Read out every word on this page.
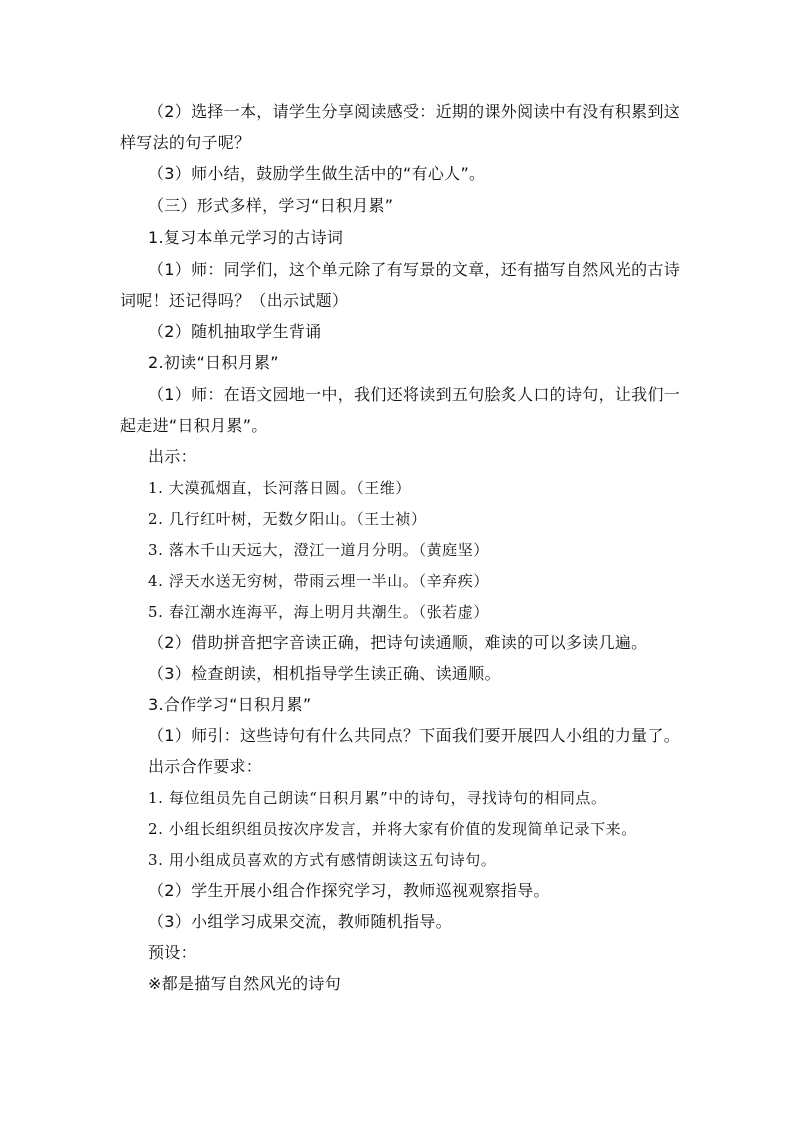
（2）选择一本，请学生分享阅读感受：近期的课外阅读中有没有积累到这
样写法的句子呢？
（3）师小结，鼓励学生做生活中的“有心人”。
（三）形式多样，学习“日积月累”
1.复习本单元学习的古诗词
（1）师：同学们，这个单元除了有写景的文章，还有描写自然风光的古诗
词呢！还记得吗？（出示试题）
（2）随机抽取学生背诵
2.初读“日积月累”
（1）师：在语文园地一中，我们还将读到五句脍炙人口的诗句，让我们一
起走进“日积月累”。
出示：
1. 大漠孤烟直，长河落日圆。（王维）
2. 几行红叶树，无数夕阳山。（王士祯）
3. 落木千山天远大，澄江一道月分明。（黄庭坚）
4. 浮天水送无穷树，带雨云埋一半山。（辛弃疾）
5. 春江潮水连海平，海上明月共潮生。（张若虚）
（2）借助拼音把字音读正确，把诗句读通顺，难读的可以多读几遍。
（3）检查朗读，相机指导学生读正确、读通顺。
3.合作学习“日积月累”
（1）师引：这些诗句有什么共同点？下面我们要开展四人小组的力量了。
出示合作要求：
1. 每位组员先自己朗读“日积月累”中的诗句，寻找诗句的相同点。
2. 小组长组织组员按次序发言，并将大家有价值的发现简单记录下来。
3. 用小组成员喜欢的方式有感情朗读这五句诗句。
（2）学生开展小组合作探究学习，教师巡视观察指导。
（3）小组学习成果交流，教师随机指导。
预设：
※都是描写自然风光的诗句
